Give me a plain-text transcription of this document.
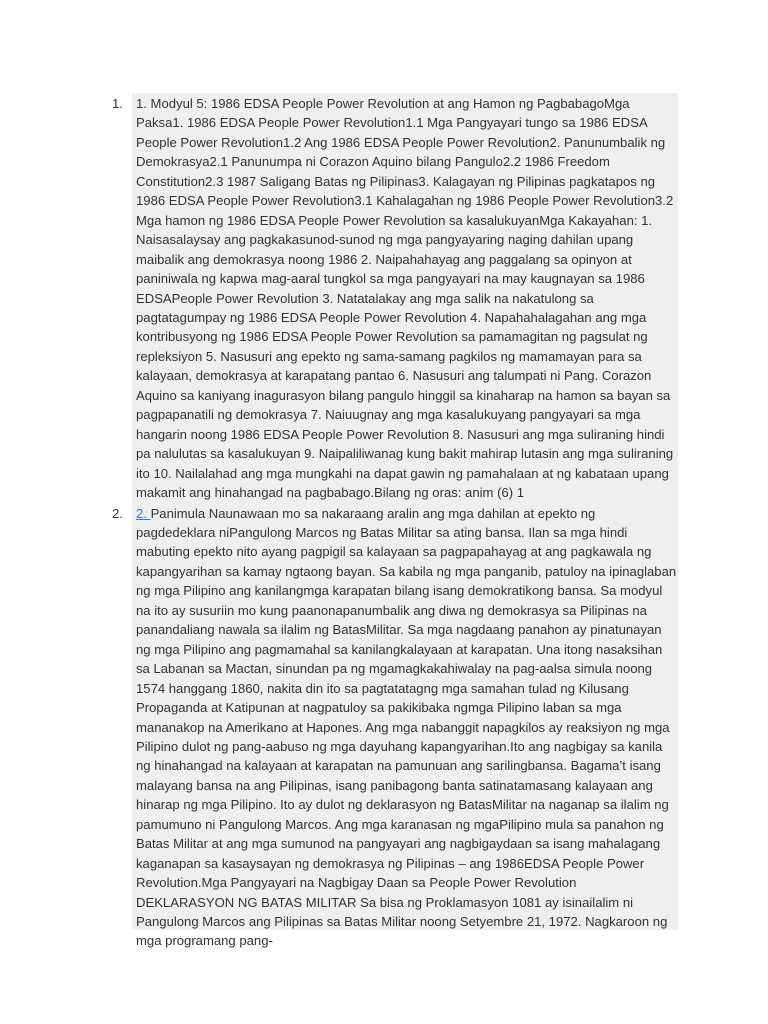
1. 1. Modyul 5: 1986 EDSA People Power Revolution at ang Hamon ng PagbabagoMga Paksa1. 1986 EDSA People Power Revolution1.1 Mga Pangyayari tungo sa 1986 EDSA People Power Revolution1.2 Ang 1986 EDSA People Power Revolution2. Panunumbalik ng Demokrasya2.1 Panunumpa ni Corazon Aquino bilang Pangulo2.2 1986 Freedom Constitution2.3 1987 Saligang Batas ng Pilipinas3. Kalagayan ng Pilipinas pagkatapos ng 1986 EDSA People Power Revolution3.1 Kahalagahan ng 1986 People Power Revolution3.2 Mga hamon ng 1986 EDSA People Power Revolution sa kasalukuyanMga Kakayahan: 1. Naisasalaysay ang pagkakasunod-sunod ng mga pangyayaring naging dahilan upang maibalik ang demokrasya noong 1986 2. Naipahahayag ang paggalang sa opinyon at paniniwala ng kapwa mag-aaral tungkol sa mga pangyayari na may kaugnayan sa 1986 EDSAPeople Power Revolution 3. Natatalakay ang mga salik na nakatulong sa pagtatagumpay ng 1986 EDSA People Power Revolution 4. Napahahalagahan ang mga kontribusyong ng 1986 EDSA People Power Revolution sa pamamagitan ng pagsulat ng repleksiyon 5. Nasusuri ang epekto ng sama-samang pagkilos ng mamamayan para sa kalayaan, demokrasya at karapatang pantao 6. Nasusuri ang talumpati ni Pang. Corazon Aquino sa kaniyang inagurasyon bilang pangulo hinggil sa kinaharap na hamon sa bayan sa pagpapanatili ng demokrasya 7. Naiuugnay ang mga kasalukuyang pangyayari sa mga hangarin noong 1986 EDSA People Power Revolution 8. Nasusuri ang mga suliraning hindi pa nalulutas sa kasalukuyan 9. Naipaliliwanag kung bakit mahirap lutasin ang mga suliraning ito 10. Nailalahad ang mga mungkahi na dapat gawin ng pamahalaan at ng kabataan upang makamit ang hinahangad na pagbabago.Bilang ng oras: anim (6) 1
2. 2. Panimula Naunawaan mo sa nakaraang aralin ang mga dahilan at epekto ng pagdedeklara niPangulong Marcos ng Batas Militar sa ating bansa. Ilan sa mga hindi mabuting epekto nito ayang pagpigil sa kalayaan sa pagpapahayag at ang pagkawala ng kapangyarihan sa kamay ngtaong bayan. Sa kabila ng mga panganib, patuloy na ipinaglaban ng mga Pilipino ang kanilangmga karapatan bilang isang demokratikong bansa. Sa modyul na ito ay susuriin mo kung paanonapanumbalik ang diwa ng demokrasya sa Pilipinas na panandaliang nawala sa ilalim ng BatasMilitar. Sa mga nagdaang panahon ay pinatunayan ng mga Pilipino ang pagmamahal sa kanilangkalayaan at karapatan. Una itong nasaksihan sa Labanan sa Mactan, sinundan pa ng mgamagkakahiwalay na pag-aalsa simula noong 1574 hanggang 1860, nakita din ito sa pagtatatagng mga samahan tulad ng Kilusang Propaganda at Katipunan at nagpatuloy sa pakikibaka ngmga Pilipino laban sa mga mananakop na Amerikano at Hapones. Ang mga nabanggit napagkilos ay reaksiyon ng mga Pilipino dulot ng pang-aabuso ng mga dayuhang kapangyarihan.Ito ang nagbigay sa kanila ng hinahangad na kalayaan at karapatan na pamunuan ang sarilingbansa. Bagama’t isang malayang bansa na ang Pilipinas, isang panibagong banta satinatamasang kalayaan ang hinarap ng mga Pilipino. Ito ay dulot ng deklarasyon ng BatasMilitar na naganap sa ilalim ng pamumuno ni Pangulong Marcos. Ang mga karanasan ng mgaPilipino mula sa panahon ng Batas Militar at ang mga sumunod na pangyayari ang nagbigaydaan sa isang mahalagang kaganapan sa kasaysayan ng demokrasya ng Pilipinas – ang 1986EDSA People Power Revolution.Mga Pangyayari na Nagbigay Daan sa People Power Revolution DEKLARASYON NG BATAS MILITAR Sa bisa ng Proklamasyon 1081 ay isinailalim ni Pangulong Marcos ang Pilipinas sa Batas Militar noong Setyembre 21, 1972. Nagkaroon ng mga programang pang-
